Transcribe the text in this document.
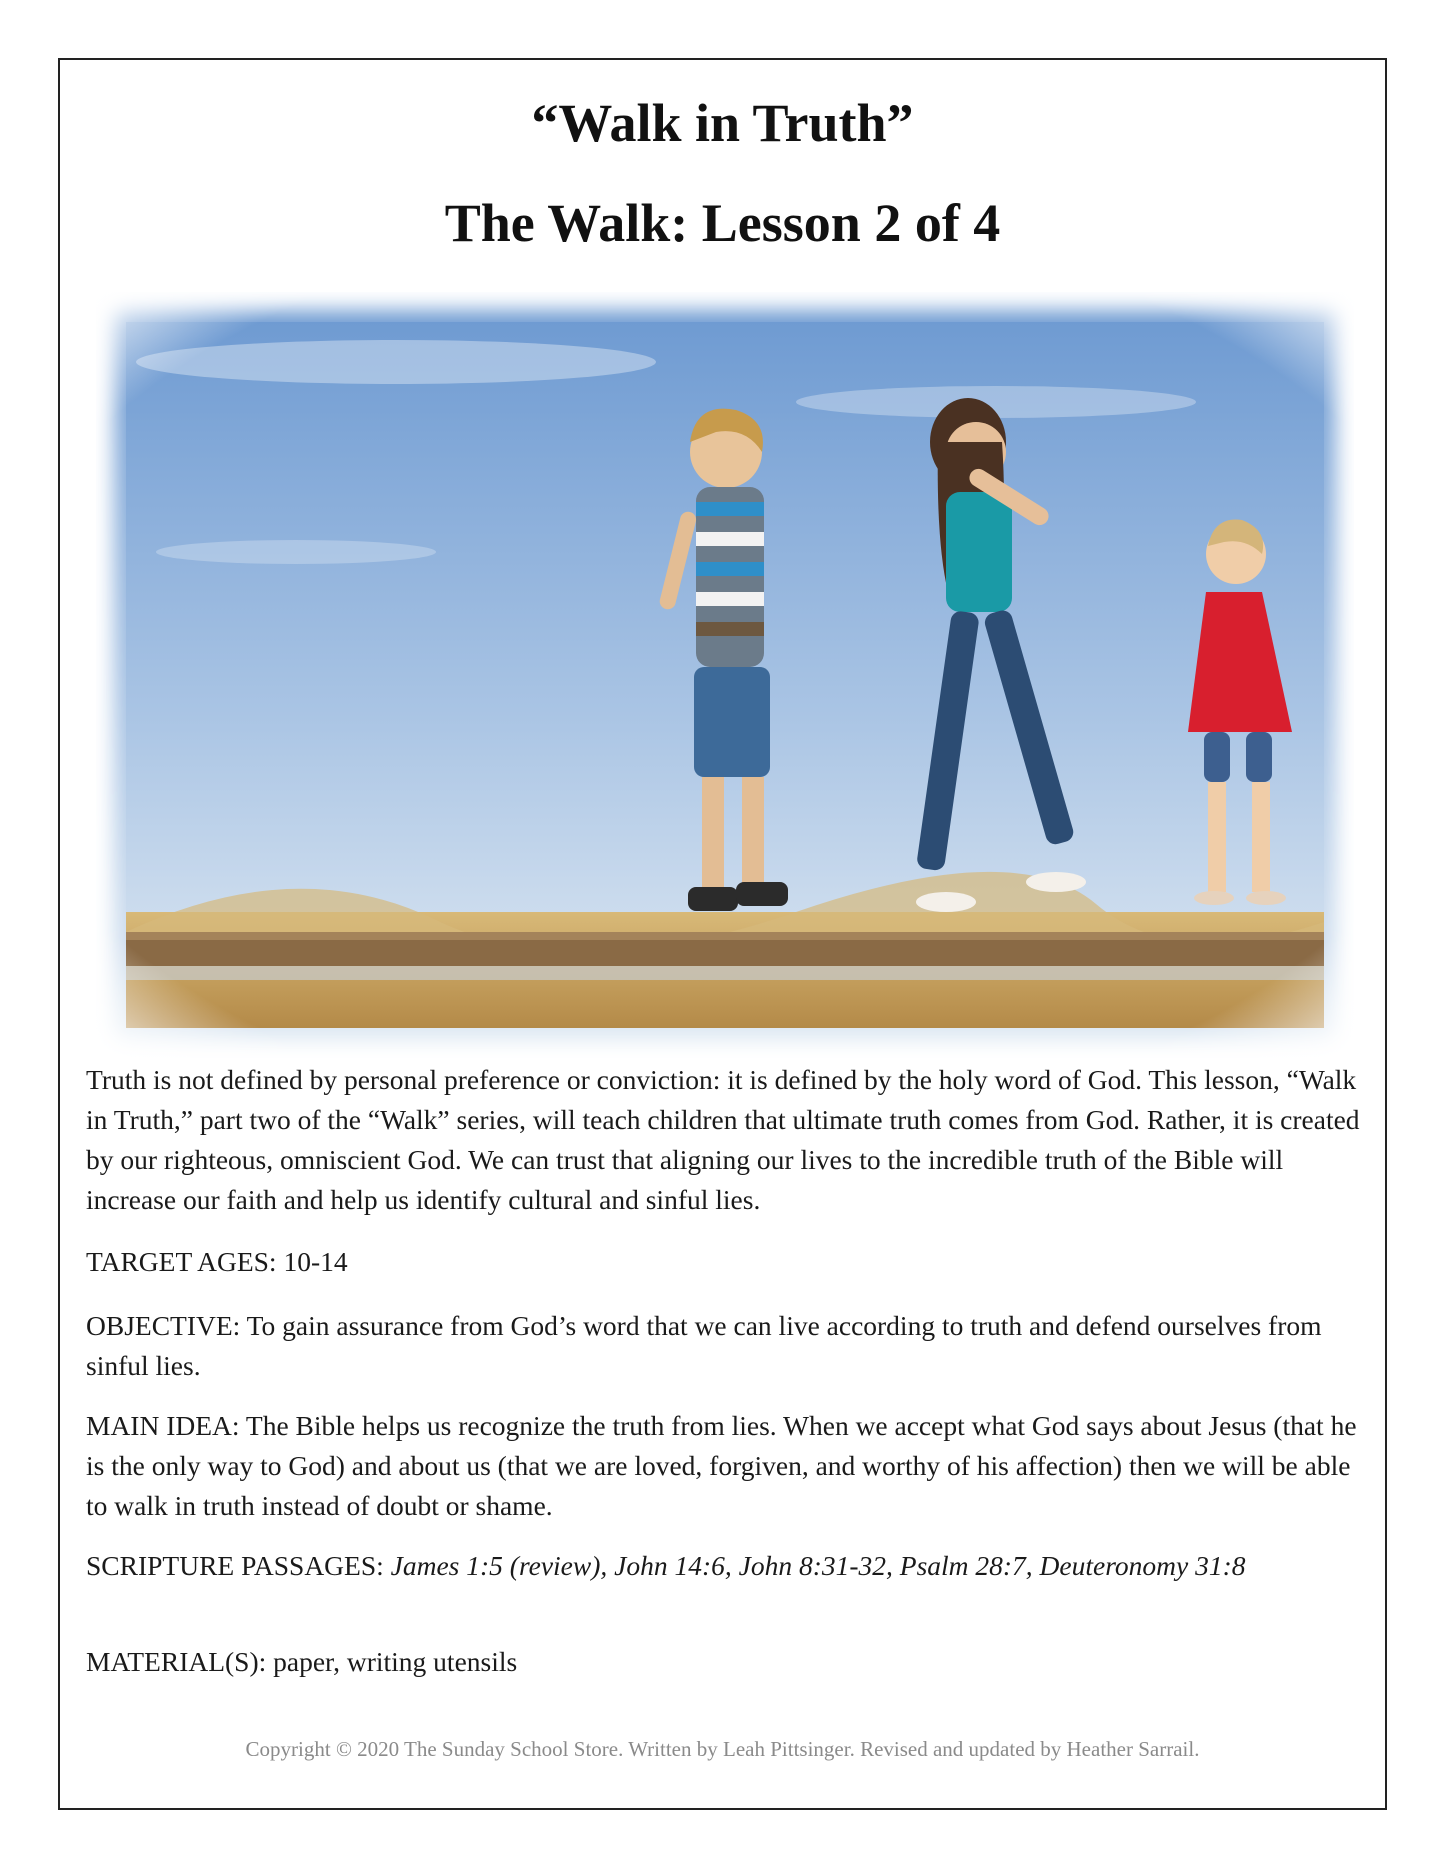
“Walk in Truth”
The Walk: Lesson 2 of 4
Truth is not defined by personal preference or conviction: it is defined by the holy word of God. This lesson, “Walk in Truth,” part two of the “Walk” series, will teach children that ultimate truth comes from God. Rather, it is created by our righteous, omniscient God. We can trust that aligning our lives to the incredible truth of the Bible will increase our faith and help us identify cultural and sinful lies.
TARGET AGES: 10-14
OBJECTIVE: To gain assurance from God’s word that we can live according to truth and defend ourselves from sinful lies.
MAIN IDEA: The Bible helps us recognize the truth from lies. When we accept what God says about Jesus (that he is the only way to God) and about us (that we are loved, forgiven, and worthy of his affection) then we will be able to walk in truth instead of doubt or shame.
SCRIPTURE PASSAGES: James 1:5 (review), John 14:6, John 8:31-32, Psalm 28:7, Deuteronomy 31:8
MATERIAL(S): paper, writing utensils
Copyright © 2020 The Sunday School Store. Written by Leah Pittsinger. Revised and updated by Heather Sarrail.
